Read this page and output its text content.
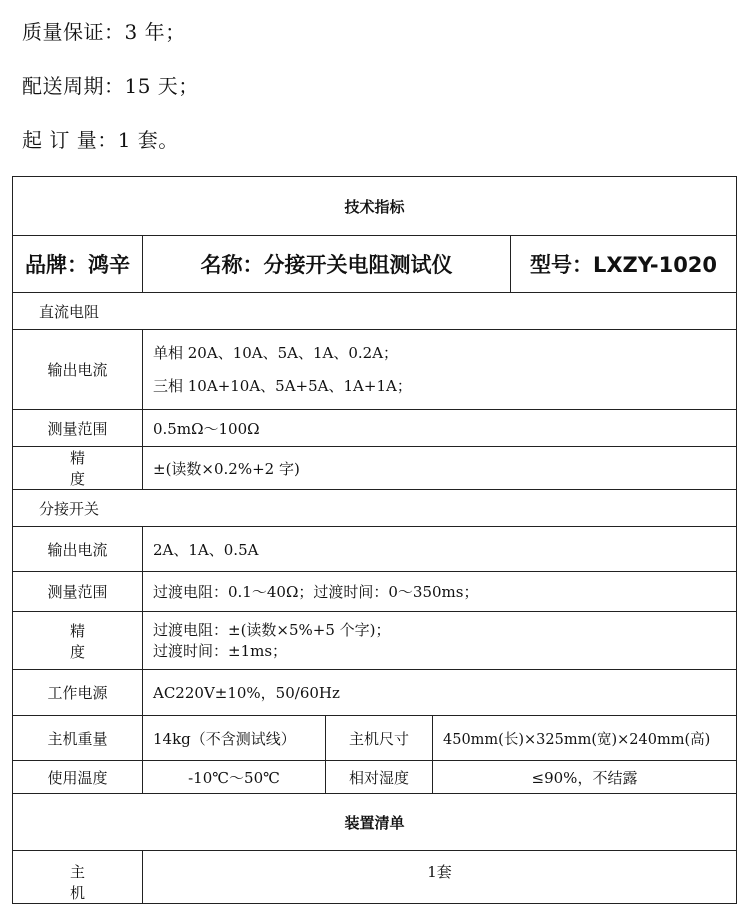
质量保证：3 年；
配送周期：15 天；
起 订 量：1 套。
技术指标				
品牌：鸿辛	名称：分接开关电阻测试仪			型号：LXZY-1020
直流电阻				
输出电流	单相 20A、10A、5A、1A、0.2A；
三相 10A+10A、5A+5A、1A+1A；			

测量范围	0.5mΩ～100Ω			
精 度	±(读数×0.2%+2 字)			
分接开关				
输出电流	2A、1A、0.5A			
测量范围	过渡电阻：0.1～40Ω；过渡时间：0～350ms；			
精 度	过渡电阻：±(读数×5%+5 个字)；
过渡时间：±1ms；			

工作电源	AC220V±10%，50/60Hz			
主机重量	14kg（不含测试线）	主机尺寸	450mm(长)×325mm(宽)×240mm(高)	
使用温度	-10℃～50℃	相对湿度	≤90%，不结露	
装置清单				
主 机	1套			
